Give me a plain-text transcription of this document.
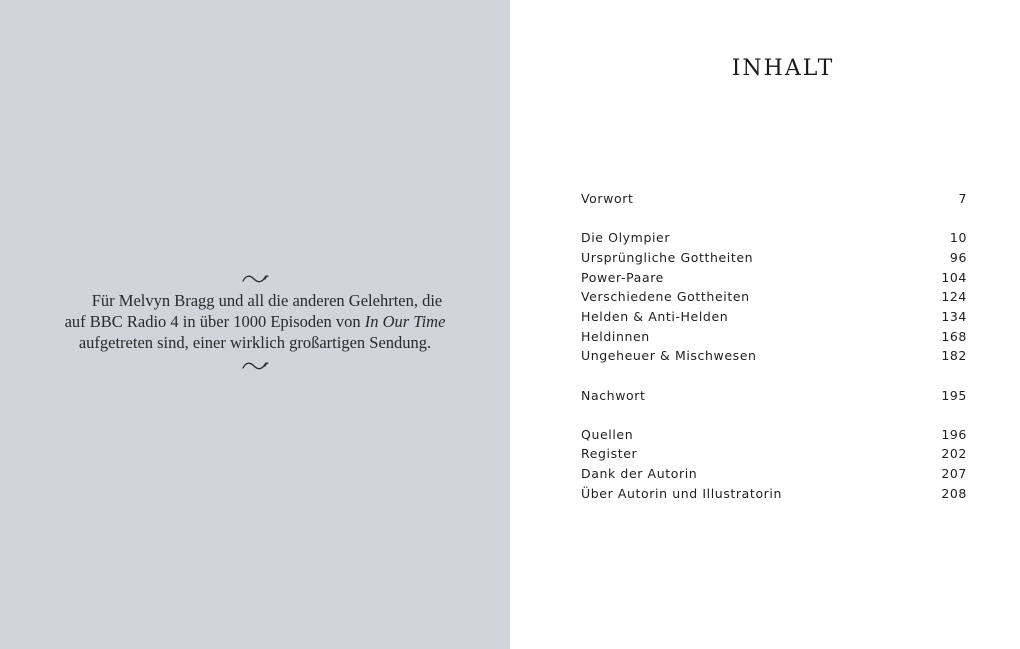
Für Melvyn Bragg und all die anderen Gelehrten, die
auf BBC Radio 4 in über 1000 Episoden von In Our Time
aufgetreten sind, einer wirklich großartigen Sendung.
INHALT
Vorwort	7
Die Olympier	10
Ursprüngliche Gottheiten	96
Power-Paare	104
Verschiedene Gottheiten	124
Helden & Anti-Helden	134
Heldinnen	168
Ungeheuer & Mischwesen	182
Nachwort	195
Quellen	196
Register	202
Dank der Autorin	207
Über Autorin und Illustratorin	208
